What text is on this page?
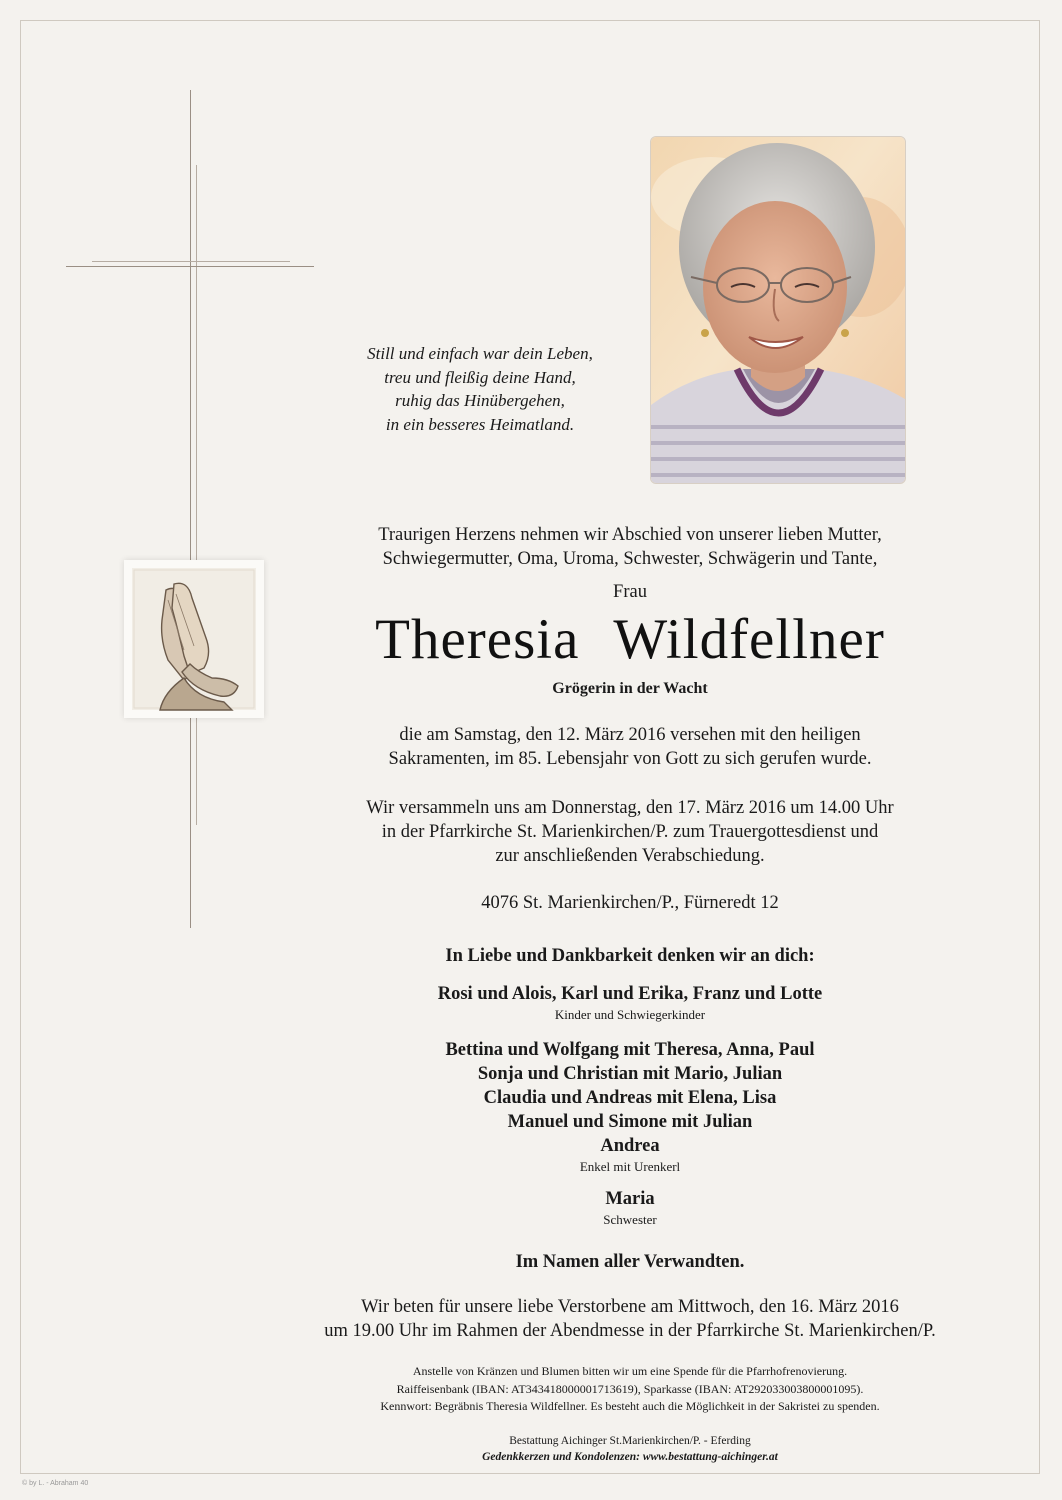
Still und einfach war dein Leben,
treu und fleißig deine Hand,
ruhig das Hinübergehen,
in ein besseres Heimatland.
Traurigen Herzens nehmen wir Abschied von unserer lieben Mutter,
Schwiegermutter, Oma, Uroma, Schwester, Schwägerin und Tante,
Frau
Theresia Wildfellner
Grögerin in der Wacht
die am Samstag, den 12. März 2016 versehen mit den heiligen
Sakramenten, im 85. Lebensjahr von Gott zu sich gerufen wurde.
Wir versammeln uns am Donnerstag, den 17. März 2016 um 14.00 Uhr
in der Pfarrkirche St. Marienkirchen/P. zum Trauergottesdienst und
zur anschließenden Verabschiedung.
4076 St. Marienkirchen/P., Fürneredt 12
In Liebe und Dankbarkeit denken wir an dich:
Rosi und Alois, Karl und Erika, Franz und Lotte
Kinder und Schwiegerkinder
Bettina und Wolfgang mit Theresa, Anna, Paul
Sonja und Christian mit Mario, Julian
Claudia und Andreas mit Elena, Lisa
Manuel und Simone mit Julian
Andrea
Enkel mit Urenkerl
Maria
Schwester
Im Namen aller Verwandten.
Wir beten für unsere liebe Verstorbene am Mittwoch, den 16. März 2016
um 19.00 Uhr im Rahmen der Abendmesse in der Pfarrkirche St. Marienkirchen/P.
Anstelle von Kränzen und Blumen bitten wir um eine Spende für die Pfarrhofrenovierung.
Raiffeisenbank (IBAN: AT343418000001713619), Sparkasse (IBAN: AT292033003800001095).
Kennwort: Begräbnis Theresia Wildfellner. Es besteht auch die Möglichkeit in der Sakristei zu spenden.
Bestattung Aichinger St.Marienkirchen/P. - Eferding
Gedenkkerzen und Kondolenzen: www.bestattung-aichinger.at
© by L. - Abraham 40
